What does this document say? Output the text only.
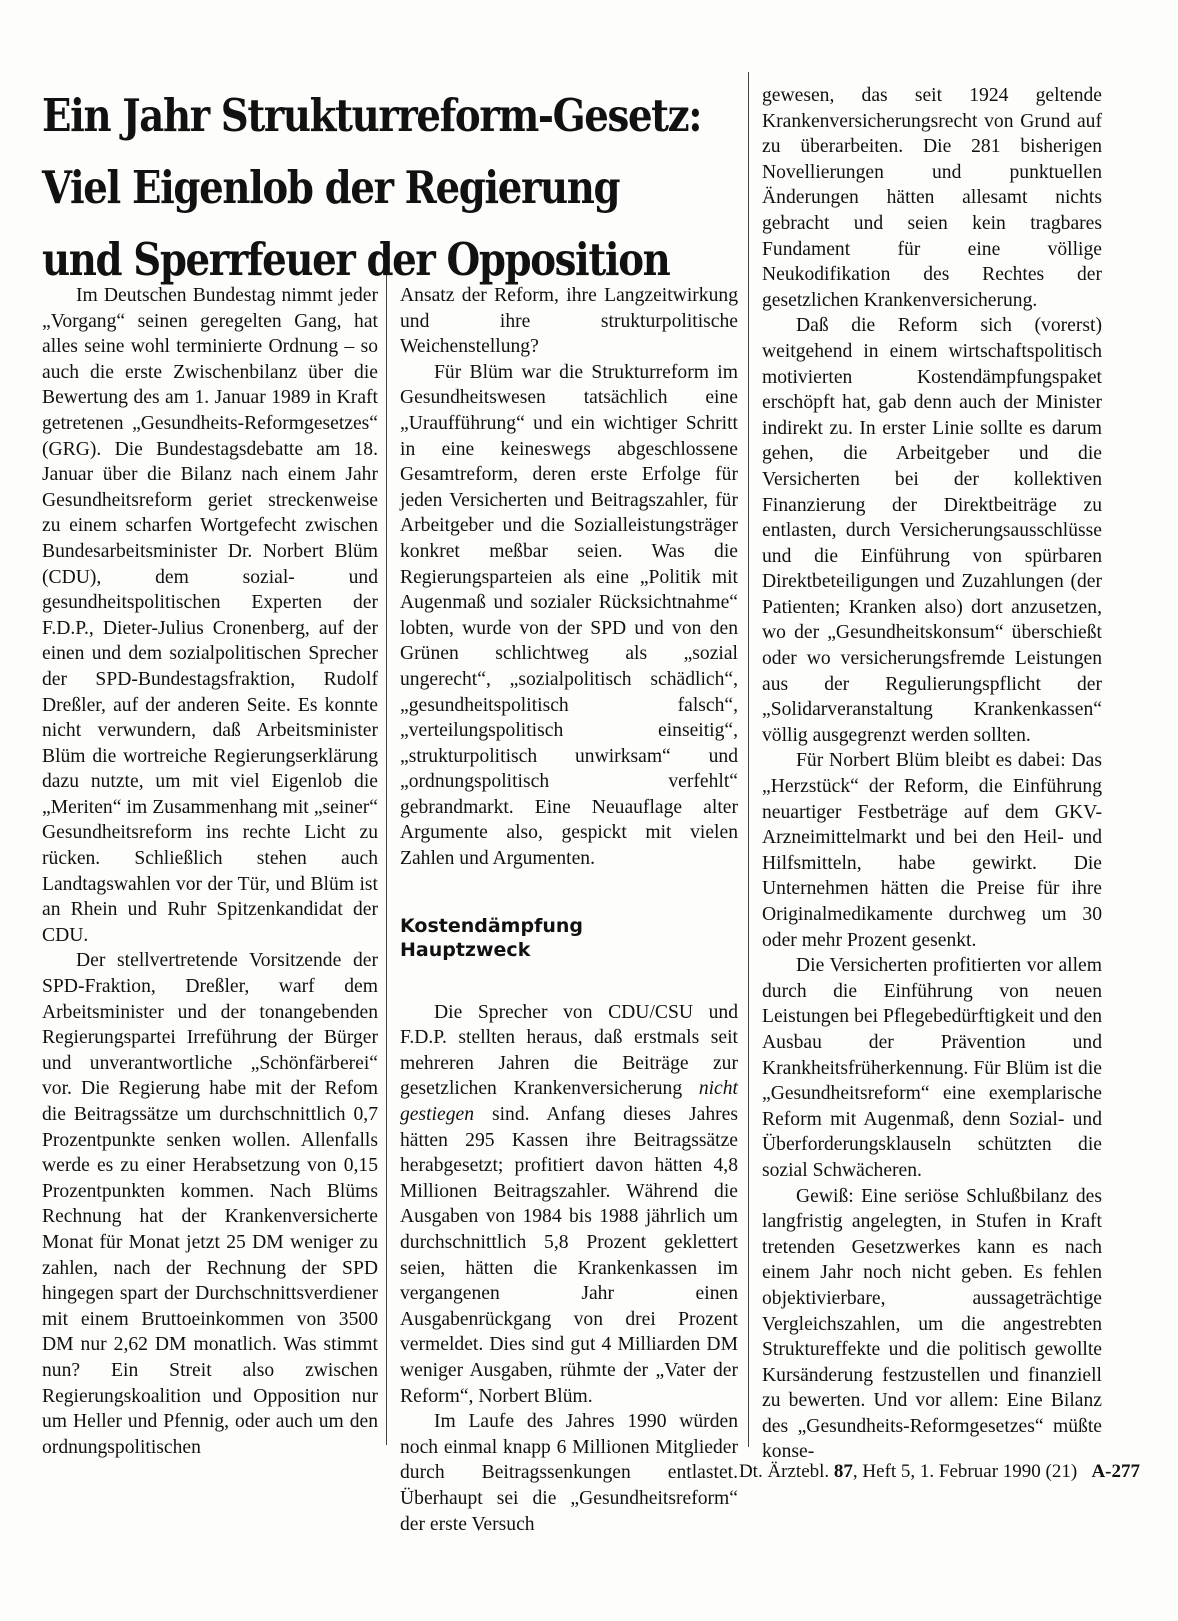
Ein Jahr Strukturreform-Gesetz:
Viel Eigenlob der Regierung
und Sperrfeuer der Opposition

Im Deutschen Bundestag nimmt jeder „Vorgang“ seinen geregelten Gang, hat alles seine wohl terminierte Ordnung – so auch die erste Zwischenbilanz über die Bewertung des am 1. Januar 1989 in Kraft getretenen „Gesundheits-Reformgesetzes“ (GRG). Die Bundestagsdebatte am 18. Januar über die Bilanz nach einem Jahr Gesundheitsreform geriet streckenweise zu einem scharfen Wortgefecht zwischen Bundesarbeitsminister Dr. Norbert Blüm (CDU), dem sozial- und gesundheitspolitischen Experten der F.D.P., Dieter-Julius Cronenberg, auf der einen und dem sozialpolitischen Sprecher der SPD-Bundestagsfraktion, Rudolf Dreßler, auf der anderen Seite. Es konnte nicht verwundern, daß Arbeitsminister Blüm die wortreiche Regierungserklärung dazu nutzte, um mit viel Eigenlob die „Meriten“ im Zusammenhang mit „seiner“ Gesundheitsreform ins rechte Licht zu rücken. Schließlich stehen auch Landtagswahlen vor der Tür, und Blüm ist an Rhein und Ruhr Spitzenkandidat der CDU.

Der stellvertretende Vorsitzende der SPD-Fraktion, Dreßler, warf dem Arbeitsminister und der tonangebenden Regierungspartei Irreführung der Bürger und unverantwortliche „Schönfärberei“ vor. Die Regierung habe mit der Refom die Beitragssätze um durchschnittlich 0,7 Prozentpunkte senken wollen. Allenfalls werde es zu einer Herabsetzung von 0,15 Prozentpunkten kommen. Nach Blüms Rechnung hat der Krankenversicherte Monat für Monat jetzt 25 DM weniger zu zahlen, nach der Rechnung der SPD hingegen spart der Durchschnittsverdiener mit einem Bruttoeinkommen von 3500 DM nur 2,62 DM monatlich. Was stimmt nun? Ein Streit also zwischen Regierungskoalition und Opposition nur um Heller und Pfennig, oder auch um den ordnungspolitischen

Ansatz der Reform, ihre Langzeitwirkung und ihre strukturpolitische Weichenstellung?

Für Blüm war die Strukturreform im Gesundheitswesen tatsächlich eine „Uraufführung“ und ein wichtiger Schritt in eine keineswegs abgeschlossene Gesamtreform, deren erste Erfolge für jeden Versicherten und Beitragszahler, für Arbeitgeber und die Sozialleistungsträger konkret meßbar seien. Was die Regierungsparteien als eine „Politik mit Augenmaß und sozialer Rücksichtnahme“ lobten, wurde von der SPD und von den Grünen schlichtweg als „sozial ungerecht“, „sozialpolitisch schädlich“, „gesundheitspolitisch falsch“, „verteilungspolitisch einseitig“, „strukturpolitisch unwirksam“ und „ordnungspolitisch verfehlt“ gebrandmarkt. Eine Neuauflage alter Argumente also, gespickt mit vielen Zahlen und Argumenten.

Kostendämpfung
Hauptzweck

Die Sprecher von CDU/CSU und F.D.P. stellten heraus, daß erstmals seit mehreren Jahren die Beiträge zur gesetzlichen Krankenversicherung nicht gestiegen sind. Anfang dieses Jahres hätten 295 Kassen ihre Beitragssätze herabgesetzt; profitiert davon hätten 4,8 Millionen Beitragszahler. Während die Ausgaben von 1984 bis 1988 jährlich um durchschnittlich 5,8 Prozent geklettert seien, hätten die Krankenkassen im vergangenen Jahr einen Ausgabenrückgang von drei Prozent vermeldet. Dies sind gut 4 Milliarden DM weniger Ausgaben, rühmte der „Vater der Reform“, Norbert Blüm.

Im Laufe des Jahres 1990 würden noch einmal knapp 6 Millionen Mitglieder durch Beitragssenkungen entlastet. Überhaupt sei die „Gesundheitsreform“ der erste Versuch

gewesen, das seit 1924 geltende Krankenversicherungsrecht von Grund auf zu überarbeiten. Die 281 bisherigen Novellierungen und punktuellen Änderungen hätten allesamt nichts gebracht und seien kein tragbares Fundament für eine völlige Neukodifikation des Rechtes der gesetzlichen Krankenversicherung.

Daß die Reform sich (vorerst) weitgehend in einem wirtschaftspolitisch motivierten Kostendämpfungspaket erschöpft hat, gab denn auch der Minister indirekt zu. In erster Linie sollte es darum gehen, die Arbeitgeber und die Versicherten bei der kollektiven Finanzierung der Direktbeiträge zu entlasten, durch Versicherungsausschlüsse und die Einführung von spürbaren Direktbeteiligungen und Zuzahlungen (der Patienten; Kranken also) dort anzusetzen, wo der „Gesundheitskonsum“ überschießt oder wo versicherungsfremde Leistungen aus der Regulierungspflicht der „Solidarveranstaltung Krankenkassen“ völlig ausgegrenzt werden sollten.

Für Norbert Blüm bleibt es dabei: Das „Herzstück“ der Reform, die Einführung neuartiger Festbeträge auf dem GKV-Arzneimittelmarkt und bei den Heil- und Hilfsmitteln, habe gewirkt. Die Unternehmen hätten die Preise für ihre Originalmedikamente durchweg um 30 oder mehr Prozent gesenkt.

Die Versicherten profitierten vor allem durch die Einführung von neuen Leistungen bei Pflegebedürftigkeit und den Ausbau der Prävention und Krankheitsfrüherkennung. Für Blüm ist die „Gesundheitsreform“ eine exemplarische Reform mit Augenmaß, denn Sozial- und Überforderungsklauseln schützten die sozial Schwächeren.

Gewiß: Eine seriöse Schlußbilanz des langfristig angelegten, in Stufen in Kraft tretenden Gesetzwerkes kann es nach einem Jahr noch nicht geben. Es fehlen objektivierbare, aussageträchtige Vergleichszahlen, um die angestrebten Struktureffekte und die politisch gewollte Kursänderung festzustellen und finanziell zu bewerten. Und vor allem: Eine Bilanz des „Gesundheits-Reformgesetzes“ müßte konse-

Dt. Ärztebl. 87, Heft 5, 1. Februar 1990 (21) A-277
